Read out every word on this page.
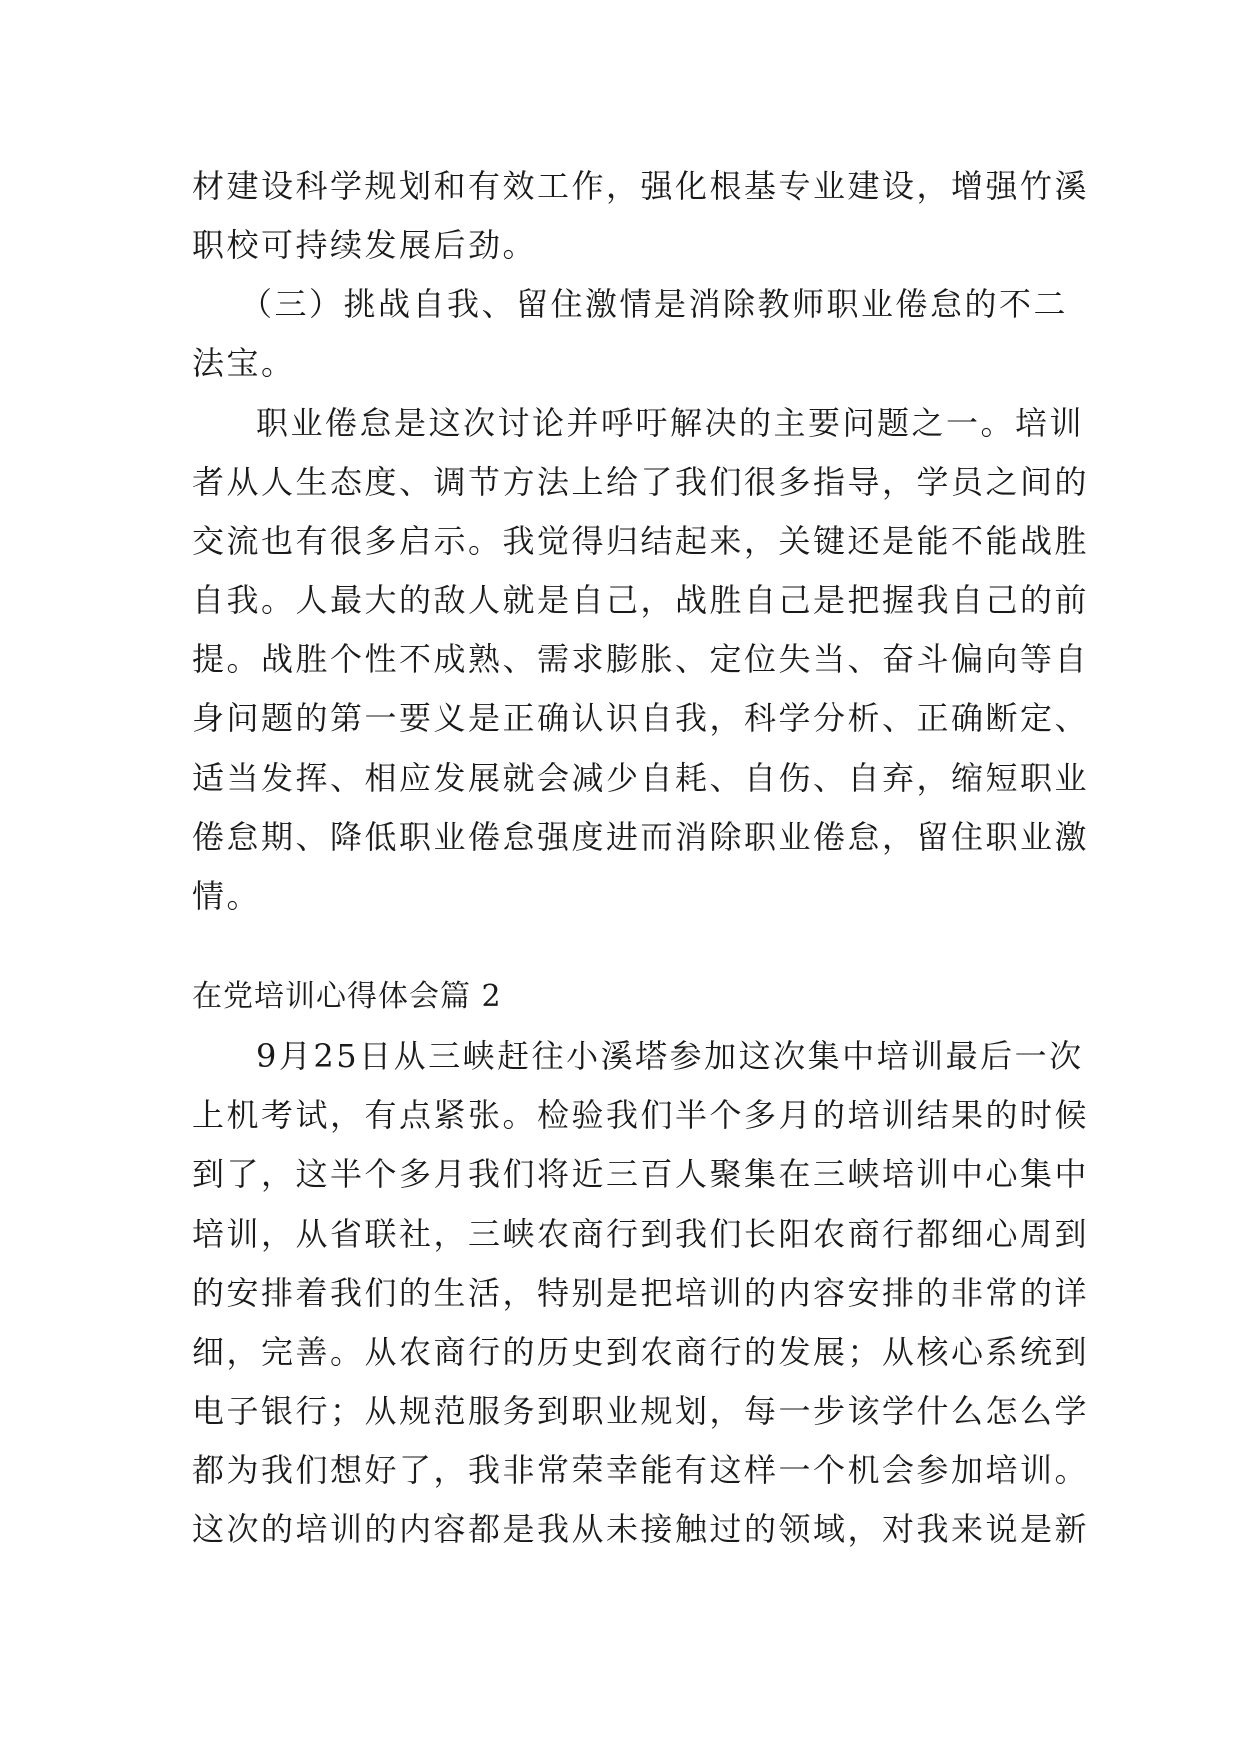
材建设科学规划和有效工作，强化根基专业建设，增强竹溪
职校可持续发展后劲。
（三）挑战自我、留住激情是消除教师职业倦怠的不二
法宝。
职业倦怠是这次讨论并呼吁解决的主要问题之一。培训
者从人生态度、调节方法上给了我们很多指导，学员之间的
交流也有很多启示。我觉得归结起来，关键还是能不能战胜
自我。人最大的敌人就是自己，战胜自己是把握我自己的前
提。战胜个性不成熟、需求膨胀、定位失当、奋斗偏向等自
身问题的第一要义是正确认识自我，科学分析、正确断定、
适当发挥、相应发展就会减少自耗、自伤、自弃，缩短职业
倦怠期、降低职业倦怠强度进而消除职业倦怠，留住职业激
情。
在党培训心得体会篇 2
9月25日从三峡赶往小溪塔参加这次集中培训最后一次
上机考试，有点紧张。检验我们半个多月的培训结果的时候
到了，这半个多月我们将近三百人聚集在三峡培训中心集中
培训，从省联社，三峡农商行到我们长阳农商行都细心周到
的安排着我们的生活，特别是把培训的内容安排的非常的详
细，完善。从农商行的历史到农商行的发展；从核心系统到
电子银行；从规范服务到职业规划，每一步该学什么怎么学
都为我们想好了，我非常荣幸能有这样一个机会参加培训。
这次的培训的内容都是我从未接触过的领域，对我来说是新
